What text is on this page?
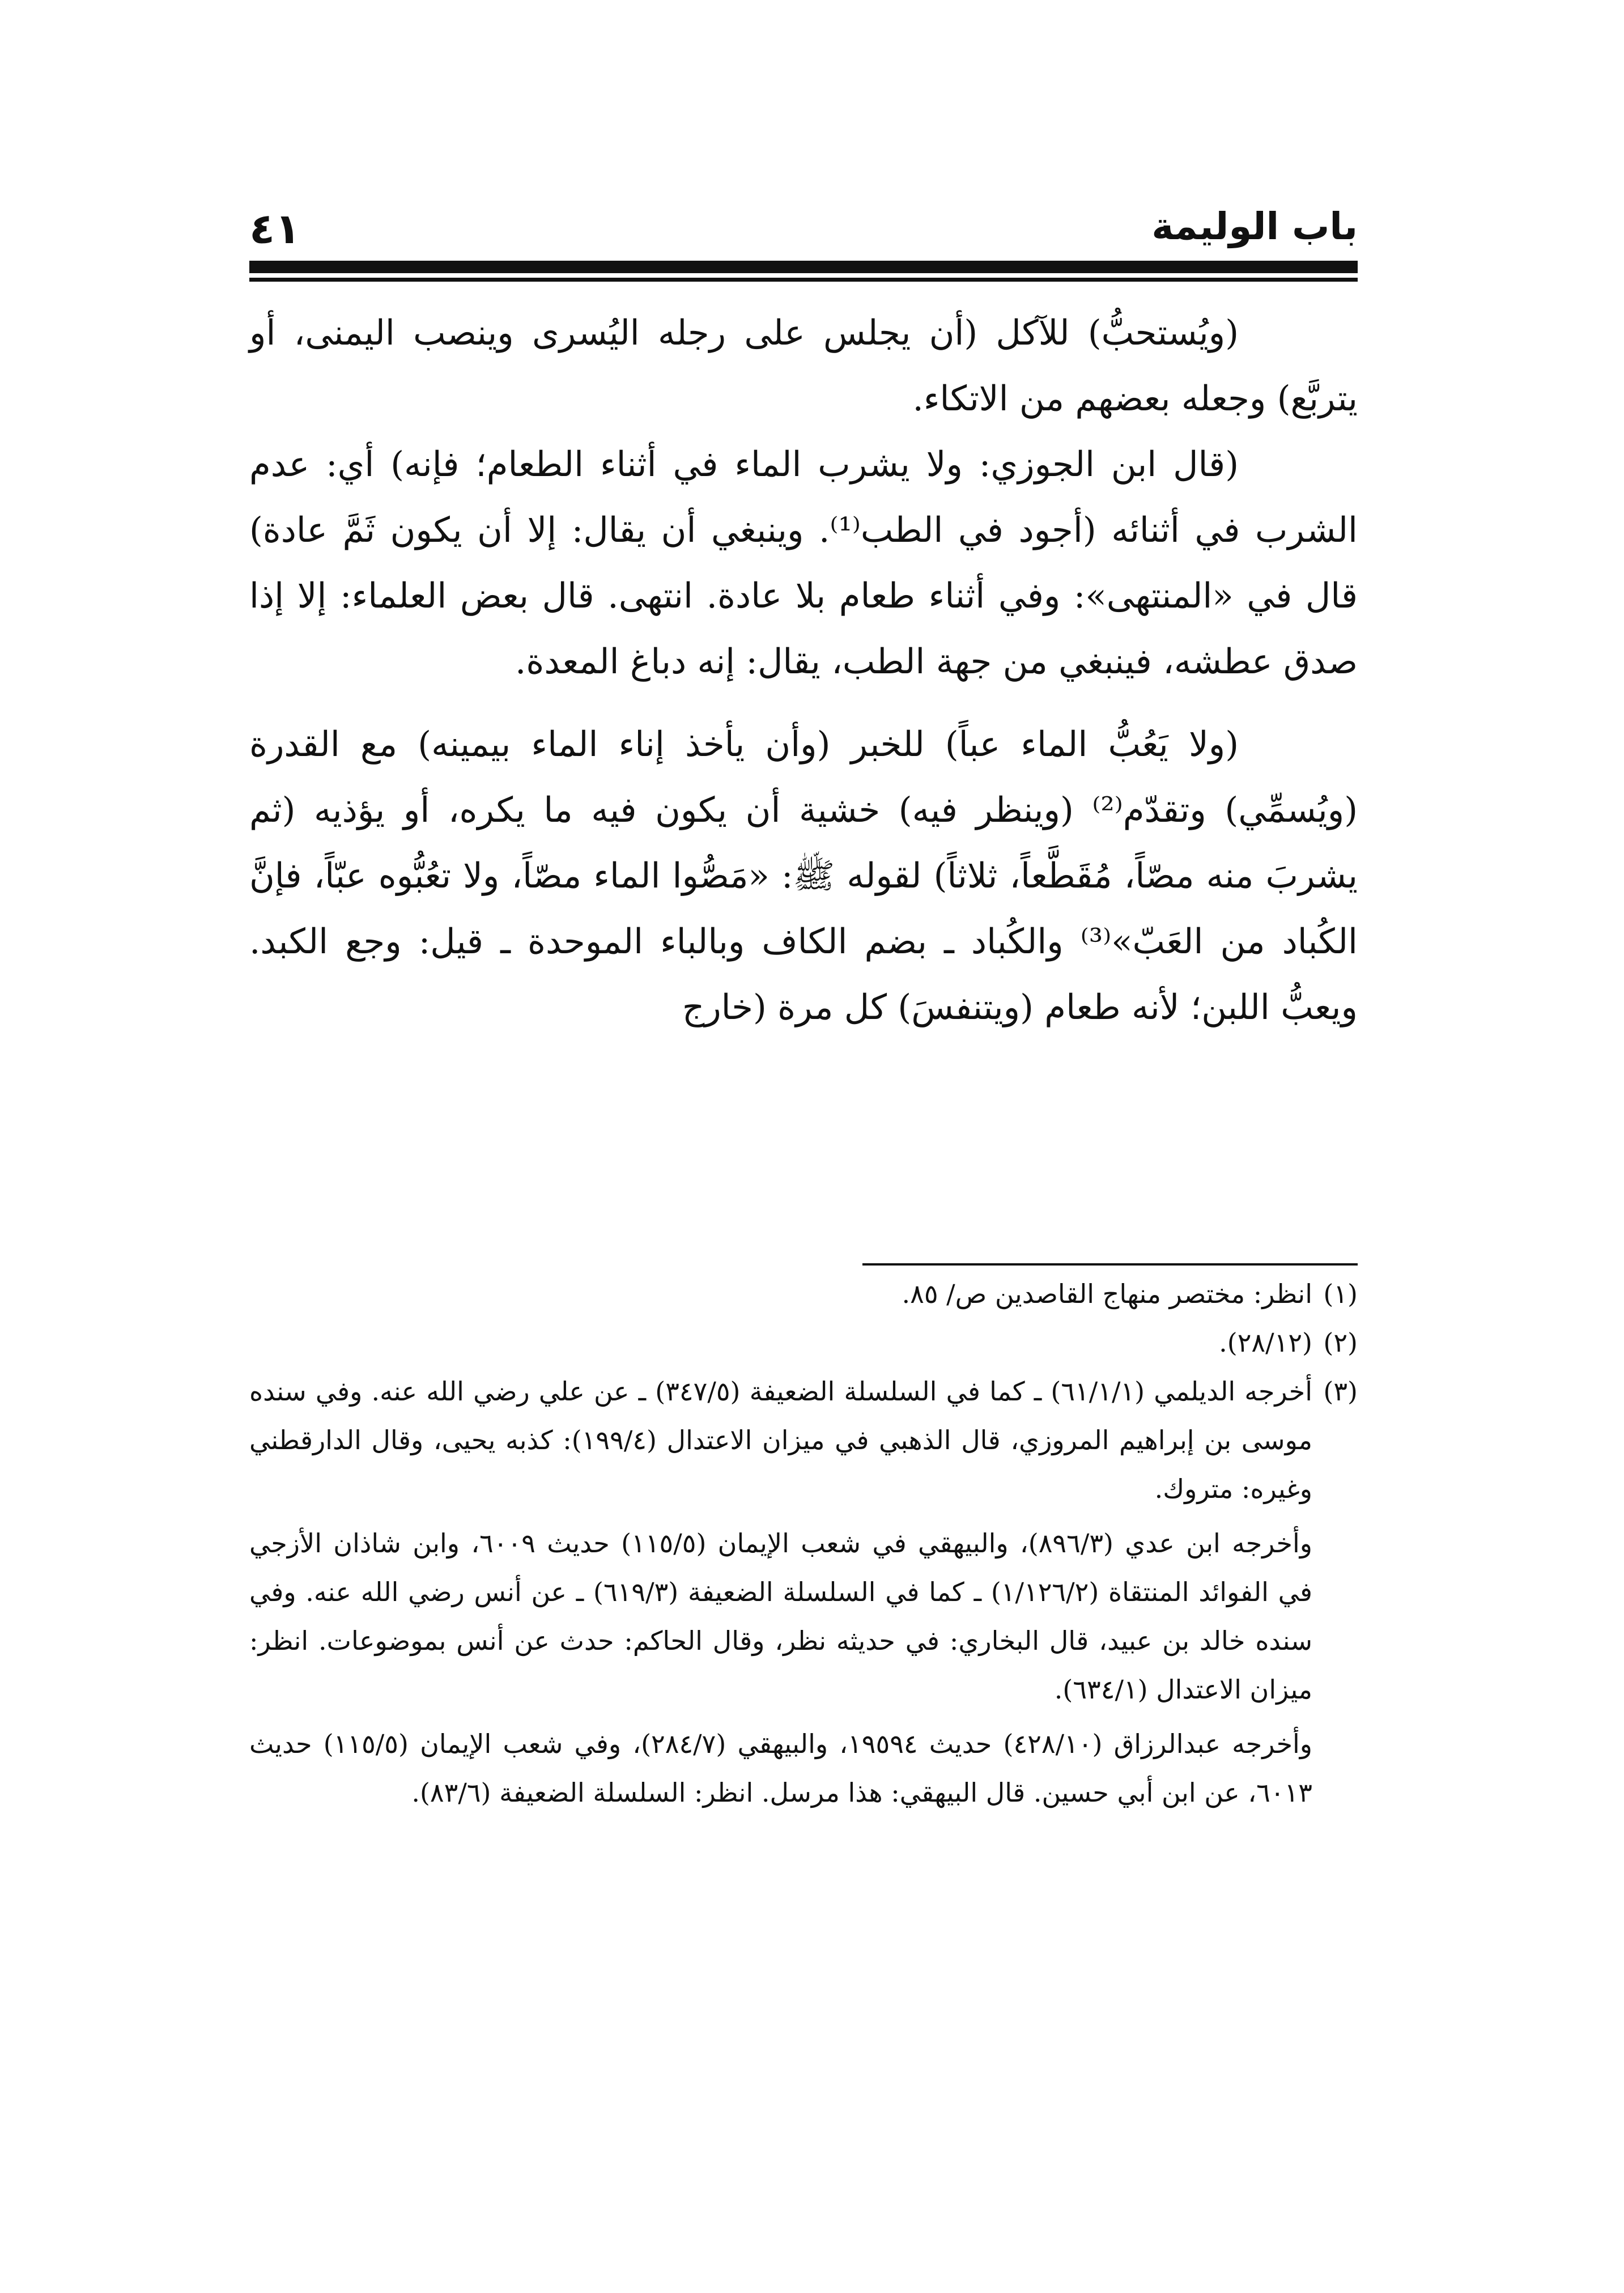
باب الوليمة
٤١

(ويُستحبُّ) للآكل (أن يجلس على رجله اليُسرى وينصب اليمنى، أو يتربَّع) وجعله بعضهم من الاتكاء.

(قال ابن الجوزي: ولا يشرب الماء في أثناء الطعام؛ فإنه) أي: عدم الشرب في أثنائه (أجود في الطب⁽¹⁾. وينبغي أن يقال: إلا أن يكون ثَمَّ عادة) قال في «المنتهى»: وفي أثناء طعام بلا عادة. انتهى. قال بعض العلماء: إلا إذا صدق عطشه، فينبغي من جهة الطب، يقال: إنه دباغ المعدة.

(ولا يَعُبُّ الماء عباً) للخبر (وأن يأخذ إناء الماء بيمينه) مع القدرة (ويُسمِّي) وتقدّم⁽²⁾ (وينظر فيه) خشية أن يكون فيه ما يكره، أو يؤذيه (ثم يشربَ منه مصّاً، مُقَطَّعاً، ثلاثاً) لقوله ﷺ: «مَصُّوا الماء مصّاً، ولا تعُبُّوه عبّاً، فإنَّ الكُباد من العَبّ»⁽³⁾ والكُباد ـ بضم الكاف وبالباء الموحدة ـ قيل: وجع الكبد. ويعبُّ اللبن؛ لأنه طعام (ويتنفسَ) كل مرة (خارج

(١)انظر: مختصر منهاج القاصدين ص/ ٨٥.

(٢)(٢٨/١٢).

(٣)

أخرجه الديلمي (٦١/١/١) ـ كما في السلسلة الضعيفة (٣٤٧/٥) ـ عن علي رضي الله عنه. وفي سنده موسى بن إبراهيم المروزي، قال الذهبي في ميزان الاعتدال (١٩٩/٤): كذبه يحيى، وقال الدارقطني وغيره: متروك.

وأخرجه ابن عدي (٨٩٦/٣)، والبيهقي في شعب الإيمان (١١٥/٥) حديث ٦٠٠٩، وابن شاذان الأزجي في الفوائد المنتقاة (١/١٢٦/٢) ـ كما في السلسلة الضعيفة (٦١٩/٣) ـ عن أنس رضي الله عنه. وفي سنده خالد بن عبيد، قال البخاري: في حديثه نظر، وقال الحاكم: حدث عن أنس بموضوعات. انظر: ميزان الاعتدال (٦٣٤/١).

وأخرجه عبدالرزاق (٤٢٨/١٠) حديث ١٩٥٩٤، والبيهقي (٢٨٤/٧)، وفي شعب الإيمان (١١٥/٥) حديث ٦٠١٣، عن ابن أبي حسين. قال البيهقي: هذا مرسل. انظر: السلسلة الضعيفة (٨٣/٦).
